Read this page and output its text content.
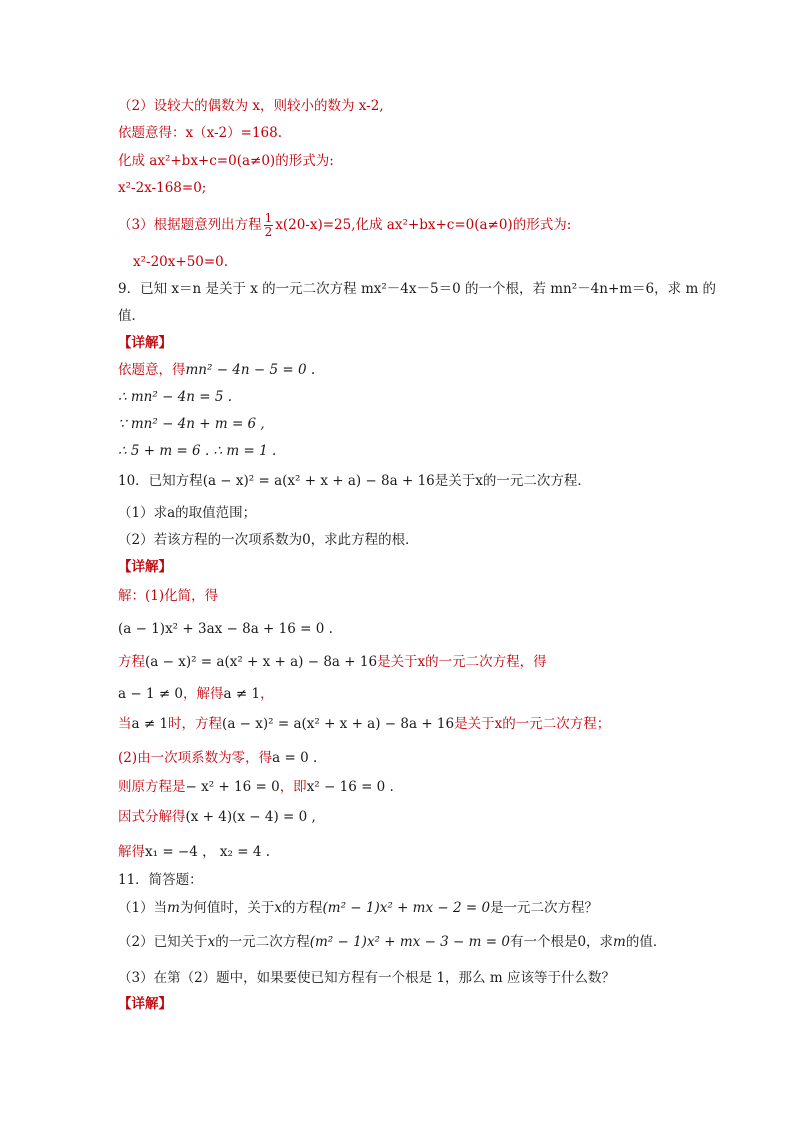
（2）设较大的偶数为 x，则较小的数为 x-2,
依题意得：x（x-2）=168.
化成 ax²+bx+c=0(a≠0)的形式为:
x²-2x-168=0;
（3）根据题意列出方程 $\frac{1}{2} x(20-x)=25$,化成 ax²+bx+c=0(a≠0)的形式为:
x²-20x+50=0.
9．已知 x＝n 是关于 x 的一元二次方程 mx²－4x－5＝0 的一个根，若 mn²－4n+m＝6，求 m 的
值．
【详解】
依题意，得mn² − 4n − 5 = 0 .
∴ mn² − 4n = 5 .
∵ mn² − 4n + m = 6 ,
∴ 5 + m = 6 . ∴ m = 1 .
10．已知方程(a − x)² = a(x² + x + a) − 8a + 16是关于x的一元二次方程．
（1）求a的取值范围；
（2）若该方程的一次项系数为0，求此方程的根．
【详解】
解：(1)化简，得
(a − 1)x² + 3ax − 8a + 16 = 0 .
方程(a − x)² = a(x² + x + a) − 8a + 16是关于x的一元二次方程，得
a − 1 ≠ 0，解得a ≠ 1，
当a ≠ 1时，方程(a − x)² = a(x² + x + a) − 8a + 16是关于x的一元二次方程；
(2)由一次项系数为零，得a = 0 .
则原方程是− x² + 16 = 0，即x² − 16 = 0 .
因式分解得(x + 4)(x − 4) = 0 ,
解得x₁ = −4 ， x₂ = 4 .
11．简答题：
（1）当m为何值时，关于x的方程(m² − 1)x² + mx − 2 = 0是一元二次方程？
（2）已知关于x的一元二次方程(m² − 1)x² + mx − 3 − m = 0有一个根是0，求m的值．
（3）在第（2）题中，如果要使已知方程有一个根是 1，那么 m 应该等于什么数？
【详解】
